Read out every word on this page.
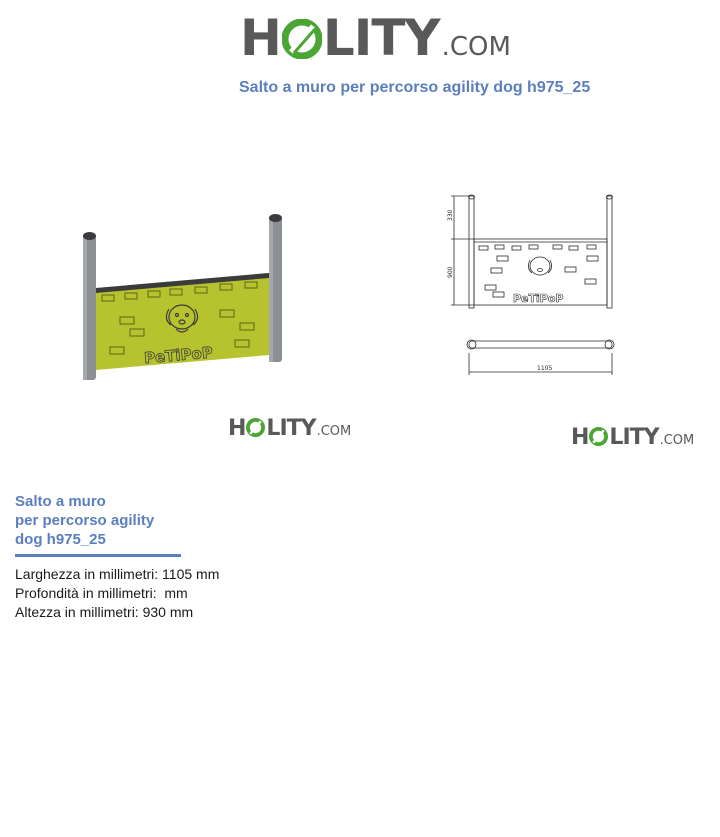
H LITY .COM
Salto a muro per percorso agility dog h975_25
PeTiPoP
330
900
1105
PeTiPoP
H LITY .COM	H LITY .COM
Salto a muro
per percorso agility
dog h975_25
Larghezza in millimetri: 1105 mm
Profondità in millimetri:  mm
Altezza in millimetri: 930 mm
